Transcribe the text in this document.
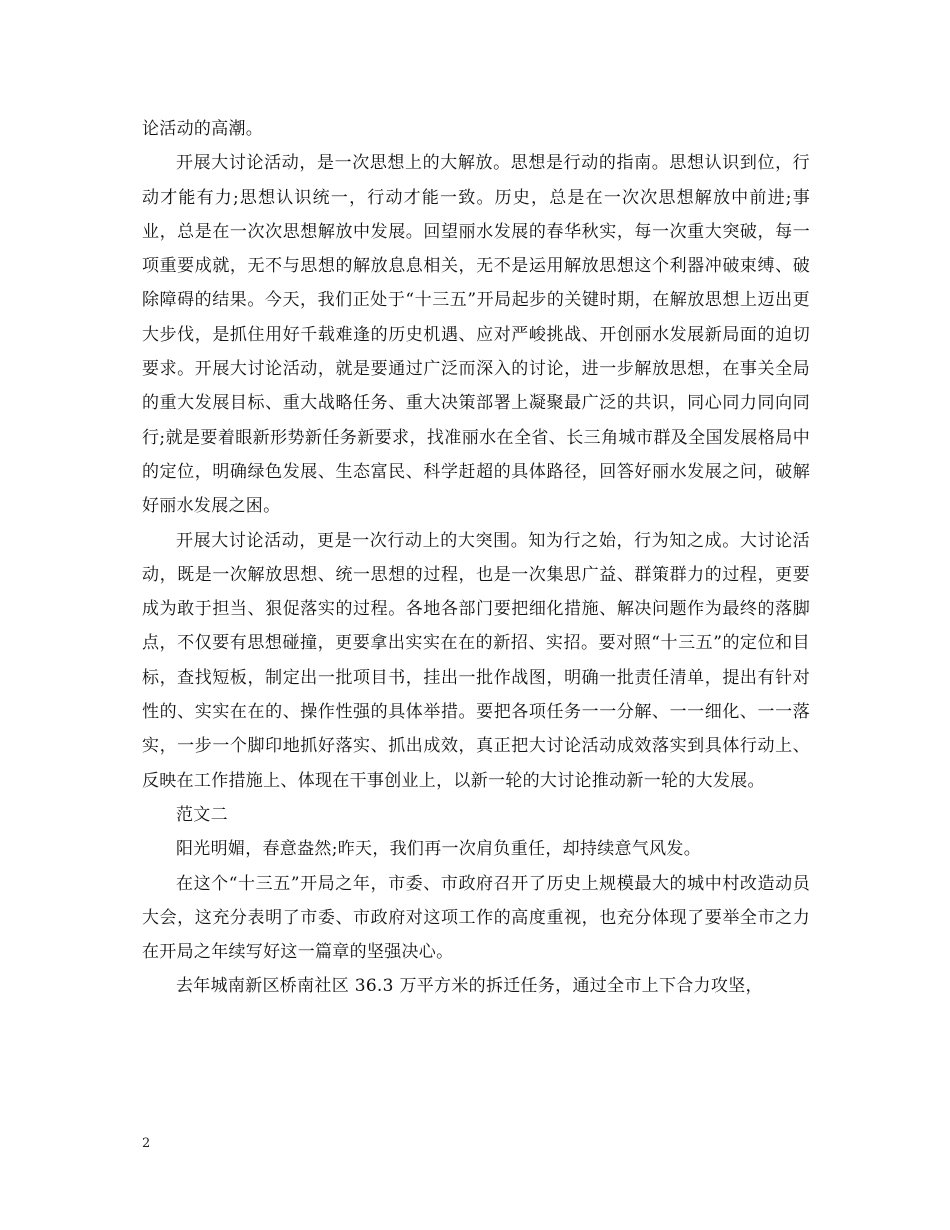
论活动的高潮。

开展大讨论活动，是一次思想上的大解放。思想是行动的指南。思想认识到位，行动才能有力;思想认识统一，行动才能一致。历史，总是在一次次思想解放中前进;事业，总是在一次次思想解放中发展。回望丽水发展的春华秋实，每一次重大突破，每一项重要成就，无不与思想的解放息息相关，无不是运用解放思想这个利器冲破束缚、破除障碍的结果。今天，我们正处于“十三五”开局起步的关键时期，在解放思想上迈出更大步伐，是抓住用好千载难逢的历史机遇、应对严峻挑战、开创丽水发展新局面的迫切要求。开展大讨论活动，就是要通过广泛而深入的讨论，进一步解放思想，在事关全局的重大发展目标、重大战略任务、重大决策部署上凝聚最广泛的共识，同心同力同向同行;就是要着眼新形势新任务新要求，找准丽水在全省、长三角城市群及全国发展格局中的定位，明确绿色发展、生态富民、科学赶超的具体路径，回答好丽水发展之问，破解好丽水发展之困。

开展大讨论活动，更是一次行动上的大突围。知为行之始，行为知之成。大讨论活动，既是一次解放思想、统一思想的过程，也是一次集思广益、群策群力的过程，更要成为敢于担当、狠促落实的过程。各地各部门要把细化措施、解决问题作为最终的落脚点，不仅要有思想碰撞，更要拿出实实在在的新招、实招。要对照“十三五”的定位和目标，查找短板，制定出一批项目书，挂出一批作战图，明确一批责任清单，提出有针对性的、实实在在的、操作性强的具体举措。要把各项任务一一分解、一一细化、一一落实，一步一个脚印地抓好落实、抓出成效，真正把大讨论活动成效落实到具体行动上、反映在工作措施上、体现在干事创业上，以新一轮的大讨论推动新一轮的大发展。

范文二

阳光明媚，春意盎然;昨天，我们再一次肩负重任，却持续意气风发。

在这个“十三五”开局之年，市委、市政府召开了历史上规模最大的城中村改造动员大会，这充分表明了市委、市政府对这项工作的高度重视，也充分体现了要举全市之力在开局之年续写好这一篇章的坚强决心。

去年城南新区桥南社区 36.3 万平方米的拆迁任务，通过全市上下合力攻坚，

2
